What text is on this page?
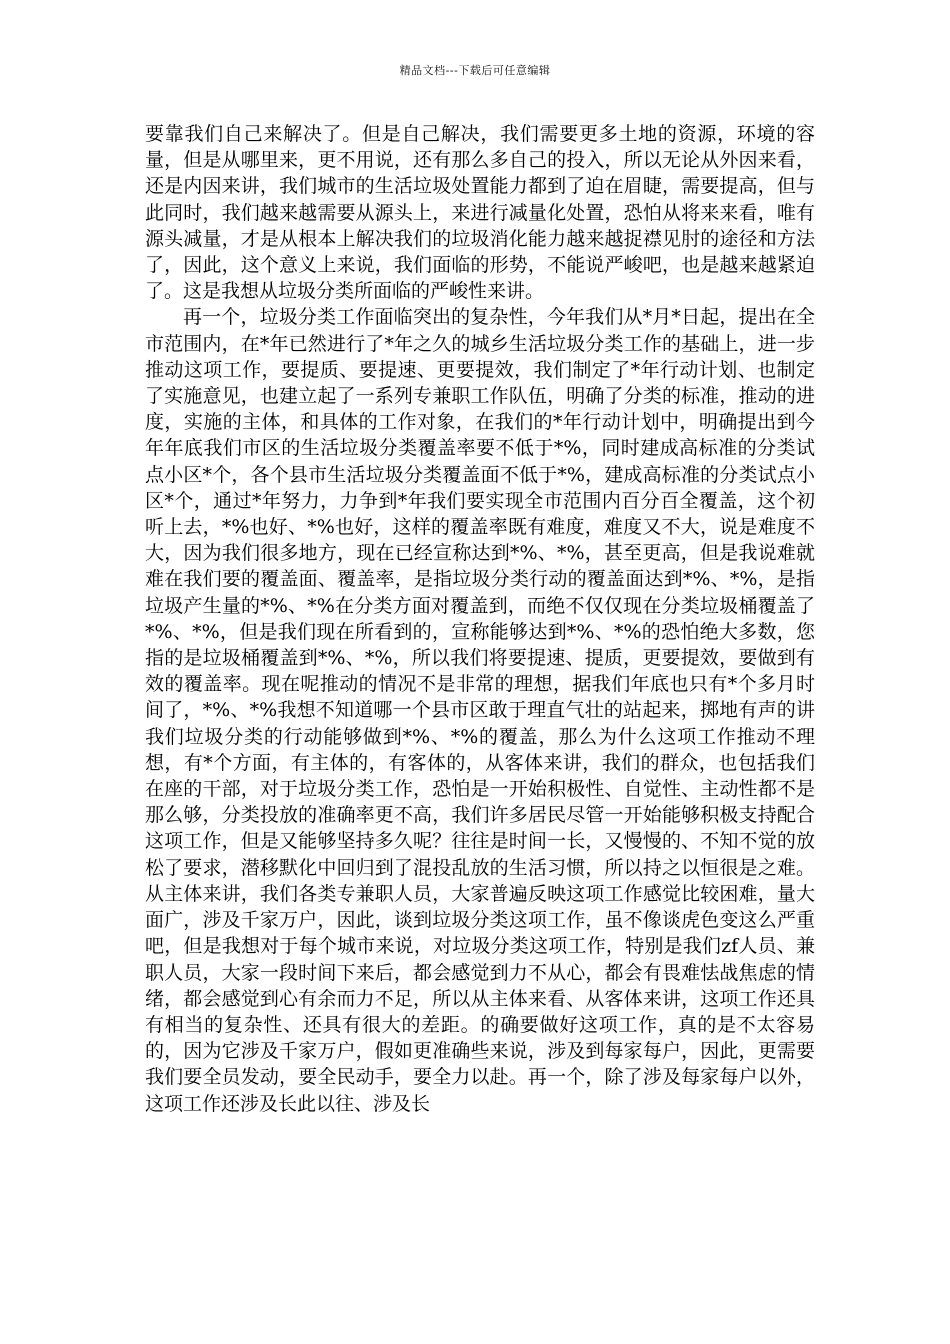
精品文档---下载后可任意编辑

要靠我们自己来解决了。但是自己解决，我们需要更多土地的资源，环境的容量，但是从哪里来，更不用说，还有那么多自己的投入，所以无论从外因来看，还是内因来讲，我们城市的生活垃圾处置能力都到了迫在眉睫，需要提高，但与此同时，我们越来越需要从源头上，来进行减量化处置，恐怕从将来来看，唯有源头减量，才是从根本上解决我们的垃圾消化能力越来越捉襟见肘的途径和方法了，因此，这个意义上来说，我们面临的形势，不能说严峻吧，也是越来越紧迫了。这是我想从垃圾分类所面临的严峻性来讲。

再一个，垃圾分类工作面临突出的复杂性，今年我们从*月*日起，提出在全市范围内，在*年已然进行了*年之久的城乡生活垃圾分类工作的基础上，进一步推动这项工作，要提质、要提速、更要提效，我们制定了*年行动计划、也制定了实施意见，也建立起了一系列专兼职工作队伍，明确了分类的标准，推动的进度，实施的主体，和具体的工作对象，在我们的*年行动计划中，明确提出到今年年底我们市区的生活垃圾分类覆盖率要不低于*%，同时建成高标准的分类试点小区*个，各个县市生活垃圾分类覆盖面不低于*%，建成高标准的分类试点小区*个，通过*年努力，力争到*年我们要实现全市范围内百分百全覆盖，这个初听上去，*%也好、*%也好，这样的覆盖率既有难度，难度又不大，说是难度不大，因为我们很多地方，现在已经宣称达到*%、*%，甚至更高，但是我说难就难在我们要的覆盖面、覆盖率，是指垃圾分类行动的覆盖面达到*%、*%，是指垃圾产生量的*%、*%在分类方面对覆盖到，而绝不仅仅现在分类垃圾桶覆盖了*%、*%，但是我们现在所看到的，宣称能够达到*%、*%的恐怕绝大多数，您指的是垃圾桶覆盖到*%、*%，所以我们将要提速、提质，更要提效，要做到有效的覆盖率。现在呢推动的情况不是非常的理想，据我们年底也只有*个多月时间了，*%、*%我想不知道哪一个县市区敢于理直气壮的站起来，掷地有声的讲我们垃圾分类的行动能够做到*%、*%的覆盖，那么为什么这项工作推动不理想，有*个方面，有主体的，有客体的，从客体来讲，我们的群众，也包括我们在座的干部，对于垃圾分类工作，恐怕是一开始积极性、自觉性、主动性都不是那么够，分类投放的准确率更不高，我们许多居民尽管一开始能够积极支持配合这项工作，但是又能够坚持多久呢？往往是时间一长，又慢慢的、不知不觉的放松了要求，潜移默化中回归到了混投乱放的生活习惯，所以持之以恒很是之难。从主体来讲，我们各类专兼职人员，大家普遍反映这项工作感觉比较困难，量大面广，涉及千家万户，因此，谈到垃圾分类这项工作，虽不像谈虎色变这么严重吧，但是我想对于每个城市来说，对垃圾分类这项工作，特别是我们zf人员、兼职人员，大家一段时间下来后，都会感觉到力不从心，都会有畏难怯战焦虑的情绪，都会感觉到心有余而力不足，所以从主体来看、从客体来讲，这项工作还具有相当的复杂性、还具有很大的差距。的确要做好这项工作，真的是不太容易的，因为它涉及千家万户，假如更准确些来说，涉及到每家每户，因此，更需要我们要全员发动，要全民动手，要全力以赴。再一个，除了涉及每家每户以外，这项工作还涉及长此以往、涉及长
